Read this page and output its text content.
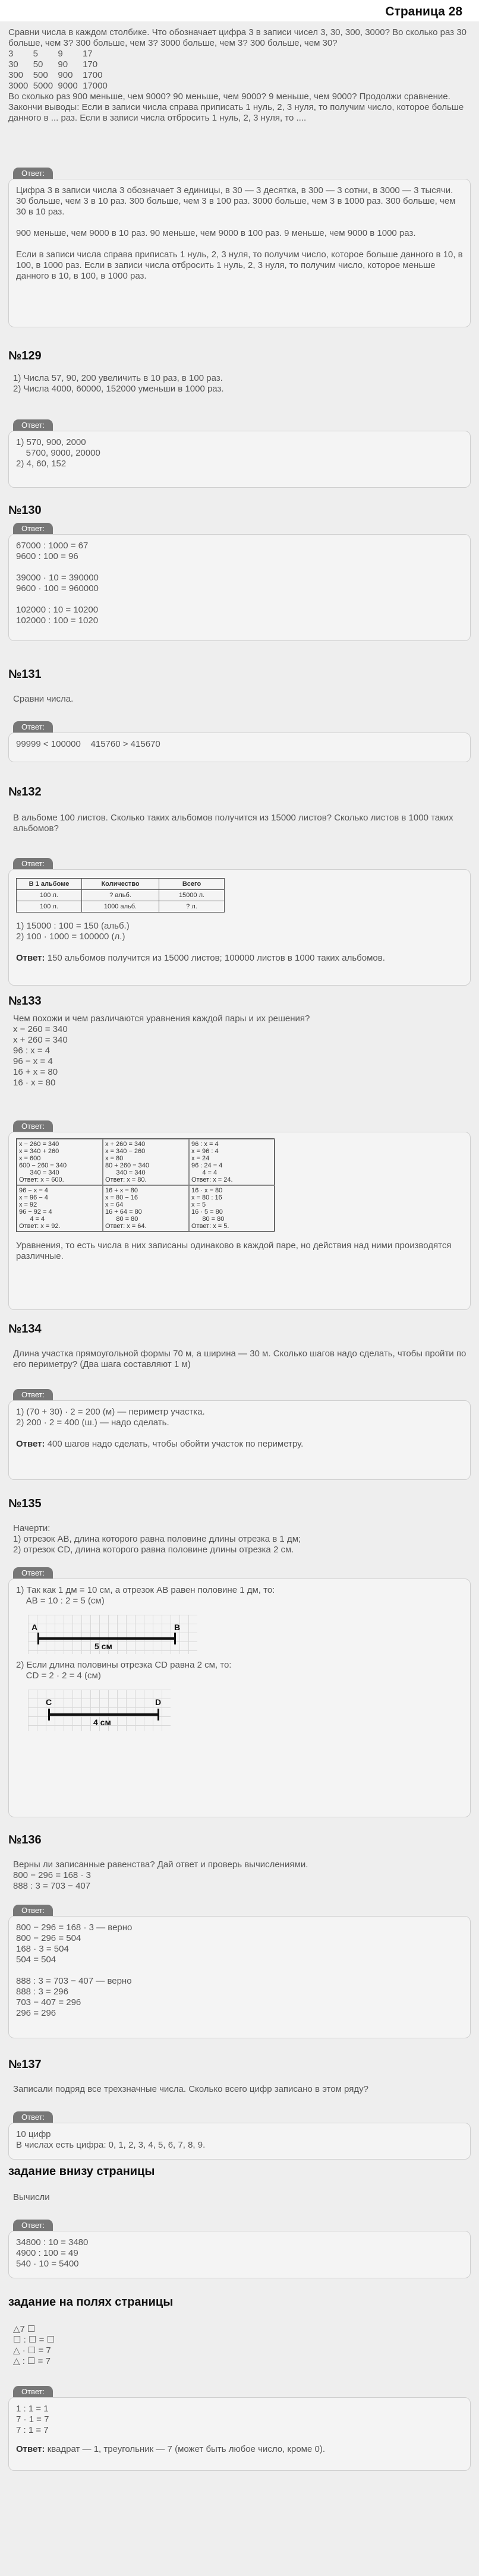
Страница 28
Сравни числа в каждом столбике. Что обозначает цифра 3 в записи чисел 3, 30, 300, 3000? Во сколько раз 30 больше, чем 3? 300 больше, чем 3? 3000 больше, чем 3? 300 больше, чем 30?
3        5        9        17
30      50      90      170
300    500    900    1700
3000  5000  9000  17000
Во сколько раз 900 меньше, чем 9000? 90 меньше, чем 9000? 9 меньше, чем 9000? Продолжи сравнение.
Закончи выводы: Если в записи числа справа приписать 1 нуль, 2, 3 нуля, то получим число, которое больше данного в ... раз. Если в записи числа отбросить 1 нуль, 2, 3 нуля, то ....
Ответ:
Цифра 3 в записи числа 3 обозначает 3 единицы, в 30 — 3 десятка, в 300 — 3 сотни, в 3000 — 3 тысячи.
30 больше, чем 3 в 10 раз. 300 больше, чем 3 в 100 раз. 3000 больше, чем 3 в 1000 раз. 300 больше, чем 30 в 10 раз.

900 меньше, чем 9000 в 10 раз. 90 меньше, чем 9000 в 100 раз. 9 меньше, чем 9000 в 1000 раз.

Если в записи числа справа приписать 1 нуль, 2, 3 нуля, то получим число, которое больше данного в 10, в 100, в 1000 раз. Если в записи числа отбросить 1 нуль, 2, 3 нуля, то получим число, которое меньше данного в 10, в 100, в 1000 раз.
№129
1) Числа 57, 90, 200 увеличить в 10 раз, в 100 раз.
2) Числа 4000, 60000, 152000 уменьши в 1000 раз.
Ответ:
1) 570, 900, 2000
5700, 9000, 20000
2) 4, 60, 152
№130
Ответ:
67000 : 1000 = 67
9600 : 100 = 96

39000 · 10 = 390000
9600 · 100 = 960000

102000 : 10 = 10200
102000 : 100 = 1020
№131
Сравни числа.
Ответ:
99999 < 100000    415760 > 415670
№132
В альбоме 100 листов. Сколько таких альбомов получится из 15000 листов? Сколько листов в 1000 таких альбомов?
Ответ:
В 1 альбоме	Количество	Всего
100 л.	? альб.	15000 л.
100 л.	1000 альб.	? л.
1) 15000 : 100 = 150 (альб.)
2) 100 · 1000 = 100000 (л.)
Ответ: 150 альбомов получится из 15000 листов; 100000 листов в 1000 таких альбомов.
№133
Чем похожи и чем различаются уравнения каждой пары и их решения?
х − 260 = 340
х + 260 = 340
96 : х = 4
96 − х = 4
16 + х = 80
16 · х = 80
Ответ:
х − 260 = 340
х = 340 + 260
х = 600
600 − 260 = 340
340 = 340
Ответ: х = 600.
х + 260 = 340
х = 340 − 260
х = 80
80 + 260 = 340
340 = 340
Ответ: х = 80.
96 : х = 4
х = 96 : 4
х = 24
96 : 24 = 4
4 = 4
Ответ: х = 24.
96 − х = 4
х = 96 − 4
х = 92
96 − 92 = 4
4 = 4
Ответ: х = 92.
16 + х = 80
х = 80 − 16
х = 64
16 + 64 = 80
80 = 80
Ответ: х = 64.
16 · х = 80
х = 80 : 16
х = 5
16 · 5 = 80
80 = 80
Ответ: х = 5.
Уравнения, то есть числа в них записаны одинаково в каждой паре, но действия над ними производятся различные.
№134
Длина участка прямоугольной формы 70 м, а ширина — 30 м. Сколько шагов надо сделать, чтобы пройти по его периметру? (Два шага составляют 1 м)
Ответ:
1) (70 + 30) · 2 = 200 (м) — периметр участка.
2) 200 · 2 = 400 (ш.) — надо сделать.
Ответ: 400 шагов надо сделать, чтобы обойти участок по периметру.
№135
Начерти:
1) отрезок АВ, длина которого равна половине длины отрезка в 1 дм;
2) отрезок CD, длина которого равна половине длины отрезка 2 см.
Ответ:
1) Так как 1 дм = 10 см, а отрезок АВ равен половине 1 дм, то:
АВ = 10 : 2 = 5 (см)
A	B
5 см
2) Если длина половины отрезка CD равна 2 см, то:
CD = 2 · 2 = 4 (см)
C	D
4 см
№136
Верны ли записанные равенства? Дай ответ и проверь вычислениями.
800 − 296 = 168 · 3
888 : 3 = 703 − 407
Ответ:
800 − 296 = 168 · 3 — верно
800 − 296 = 504
168 · 3 = 504
504 = 504

888 : 3 = 703 − 407 — верно
888 : 3 = 296
703 − 407 = 296
296 = 296
№137
Записали подряд все трехзначные числа. Сколько всего цифр записано в этом ряду?
Ответ:
10 цифр
В числах есть цифра: 0, 1, 2, 3, 4, 5, 6, 7, 8, 9.
задание внизу страницы
Вычисли
Ответ:
34800 : 10 = 3480
4900 : 100 = 49
540 · 10 = 5400
задание на полях страницы
△7 ☐
☐ : ☐ = ☐
△ · ☐ = 7
△ : ☐ = 7
Ответ:
1 : 1 = 1
7 · 1 = 7
7 : 1 = 7
Ответ: квадрат — 1, треугольник — 7 (может быть любое число, кроме 0).
